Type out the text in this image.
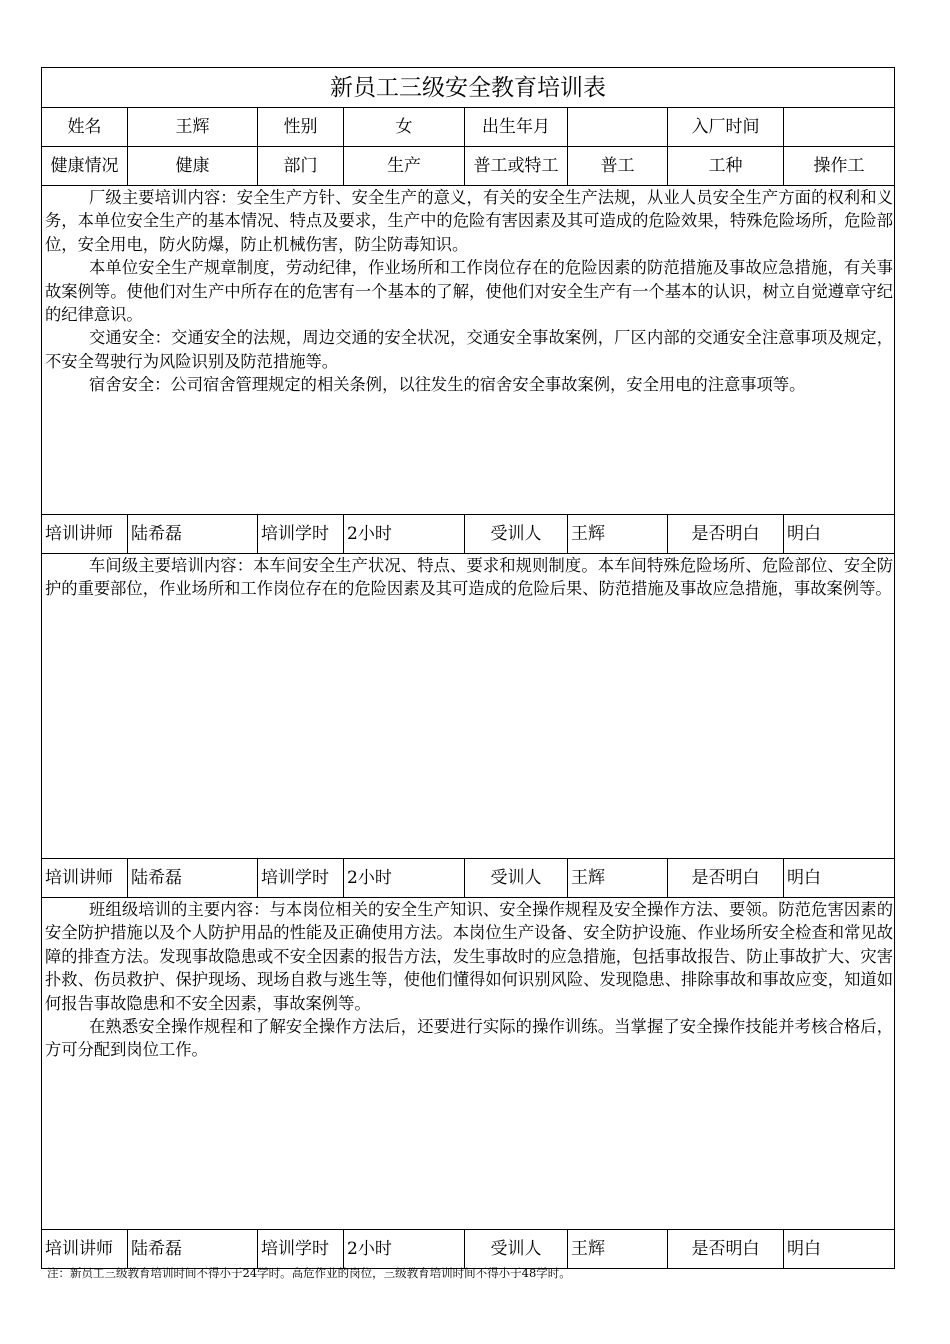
新员工三级安全教育培训表							
姓名	王辉	性别	女	出生年月		入厂时间	
健康情况	健康	部门	生产	普工或特工	普工	工种	操作工

厂级主要培训内容：安全生产方针、安全生产的意义，有关的安全生产法规，从业人员安全生产方面的权利和义务，本单位安全生产的基本情况、特点及要求，生产中的危险有害因素及其可造成的危险效果，特殊危险场所，危险部位，安全用电，防火防爆，防止机械伤害，防尘防毒知识。

本单位安全生产规章制度，劳动纪律，作业场所和工作岗位存在的危险因素的防范措施及事故应急措施，有关事故案例等。使他们对生产中所存在的危害有一个基本的了解，使他们对安全生产有一个基本的认识，树立自觉遵章守纪的纪律意识。

交通安全：交通安全的法规，周边交通的安全状况，交通安全事故案例，厂区内部的交通安全注意事项及规定，不安全驾驶行为风险识别及防范措施等。

宿舍安全：公司宿舍管理规定的相关条例，以往发生的宿舍安全事故案例，安全用电的注意事项等。							

培训讲师	陆希磊	培训学时	2小时	受训人	王辉	是否明白	明白

车间级主要培训内容：本车间安全生产状况、特点、要求和规则制度。本车间特殊危险场所、危险部位、安全防护的重要部位，作业场所和工作岗位存在的危险因素及其可造成的危险后果、防范措施及事故应急措施，事故案例等。							

培训讲师	陆希磊	培训学时	2小时	受训人	王辉	是否明白	明白

班组级培训的主要内容：与本岗位相关的安全生产知识、安全操作规程及安全操作方法、要领。防范危害因素的安全防护措施以及个人防护用品的性能及正确使用方法。本岗位生产设备、安全防护设施、作业场所安全检查和常见故障的排查方法。发现事故隐患或不安全因素的报告方法，发生事故时的应急措施，包括事故报告、防止事故扩大、灾害扑救、伤员救护、保护现场、现场自救与逃生等，使他们懂得如何识别风险、发现隐患、排除事故和事故应变，知道如何报告事故隐患和不安全因素，事故案例等。

在熟悉安全操作规程和了解安全操作方法后，还要进行实际的操作训练。当掌握了安全操作技能并考核合格后，方可分配到岗位工作。							

培训讲师	陆希磊	培训学时	2小时	受训人	王辉	是否明白	明白
注：新员工三级教育培训时间不得小于24学时。高危作业的岗位，三级教育培训时间不得小于48学时。
